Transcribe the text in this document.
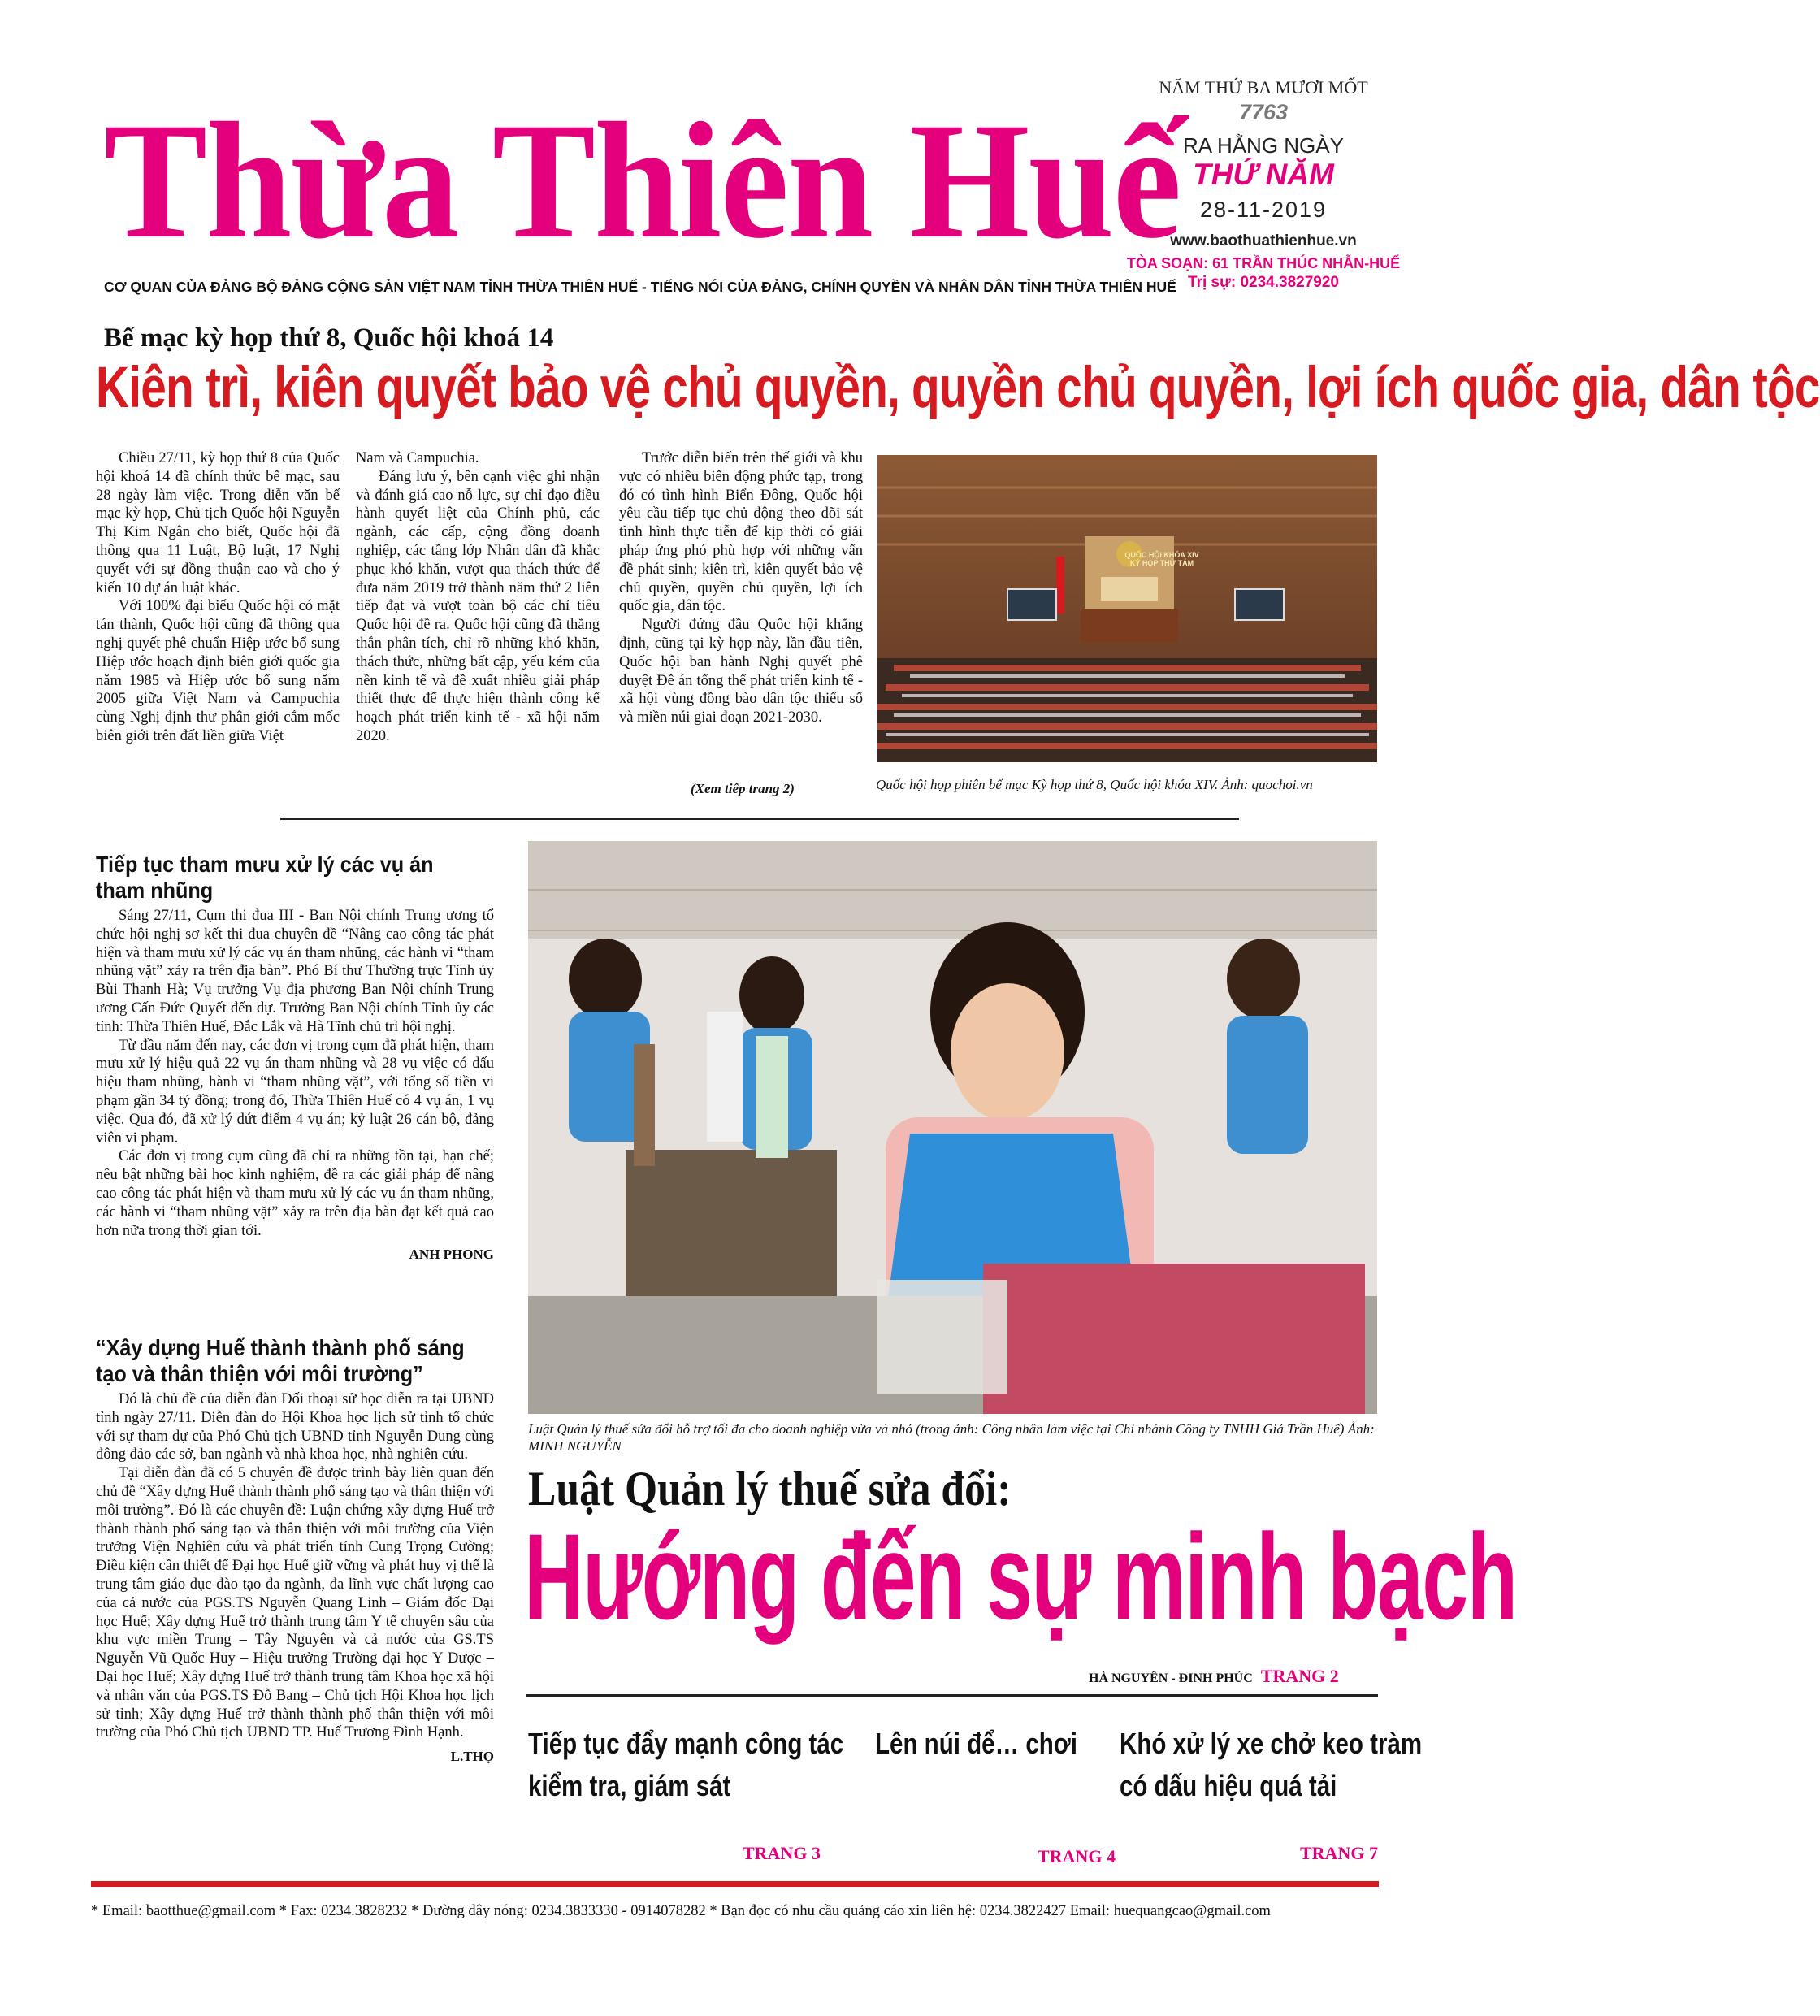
Thừa Thiên Huế
NĂM THỨ BA MƯƠI MỐT
7763
RA HẰNG NGÀY
THỨ NĂM
28-11-2019
www.baothuathienhue.vn
TÒA SOẠN: 61 TRẦN THÚC NHẪN-HUẾ
Trị sự: 0234.3827920
CƠ QUAN CỦA ĐẢNG BỘ ĐẢNG CỘNG SẢN VIỆT NAM TỈNH THỪA THIÊN HUẾ - TIẾNG NÓI CỦA ĐẢNG, CHÍNH QUYỀN VÀ NHÂN DÂN TỈNH THỪA THIÊN HUẾ
Bế mạc kỳ họp thứ 8, Quốc hội khoá 14
Kiên trì, kiên quyết bảo vệ chủ quyền, quyền chủ quyền, lợi ích quốc gia, dân tộc

Chiều 27/11, kỳ họp thứ 8 của Quốc hội khoá 14 đã chính thức bế mạc, sau 28 ngày làm việc. Trong diễn văn bế mạc kỳ họp, Chủ tịch Quốc hội Nguyễn Thị Kim Ngân cho biết, Quốc hội đã thông qua 11 Luật, Bộ luật, 17 Nghị quyết với sự đồng thuận cao và cho ý kiến 10 dự án luật khác.

Với 100% đại biểu Quốc hội có mặt tán thành, Quốc hội cũng đã thông qua nghị quyết phê chuẩn Hiệp ước bổ sung Hiệp ước hoạch định biên giới quốc gia năm 1985 và Hiệp ước bổ sung năm 2005 giữa Việt Nam và Campuchia cùng Nghị định thư phân giới cắm mốc biên giới trên đất liền giữa Việt

Nam và Campuchia.

Đáng lưu ý, bên cạnh việc ghi nhận và đánh giá cao nỗ lực, sự chỉ đạo điều hành quyết liệt của Chính phủ, các ngành, các cấp, cộng đồng doanh nghiệp, các tầng lớp Nhân dân đã khắc phục khó khăn, vượt qua thách thức để đưa năm 2019 trở thành năm thứ 2 liên tiếp đạt và vượt toàn bộ các chỉ tiêu Quốc hội đề ra. Quốc hội cũng đã thẳng thắn phân tích, chỉ rõ những khó khăn, thách thức, những bất cập, yếu kém của nền kinh tế và đề xuất nhiều giải pháp thiết thực để thực hiện thành công kế hoạch phát triển kinh tế - xã hội năm 2020.

Trước diễn biến trên thế giới và khu vực có nhiều biến động phức tạp, trong đó có tình hình Biển Đông, Quốc hội yêu cầu tiếp tục chủ động theo dõi sát tình hình thực tiễn để kịp thời có giải pháp ứng phó phù hợp với những vấn đề phát sinh; kiên trì, kiên quyết bảo vệ chủ quyền, quyền chủ quyền, lợi ích quốc gia, dân tộc.

Người đứng đầu Quốc hội khẳng định, cũng tại kỳ họp này, lần đầu tiên, Quốc hội ban hành Nghị quyết phê duyệt Đề án tổng thể phát triển kinh tế - xã hội vùng đồng bào dân tộc thiểu số và miền núi giai đoạn 2021-2030.

(Xem tiếp trang 2)
QUỐC HỘI KHÓA XIV KỲ HỌP THỨ TÁM
Quốc hội họp phiên bế mạc Kỳ họp thứ 8, Quốc hội khóa XIV. Ảnh: quochoi.vn
Tiếp tục tham mưu xử lý các vụ án tham nhũng

Sáng 27/11, Cụm thi đua III - Ban Nội chính Trung ương tổ chức hội nghị sơ kết thi đua chuyên đề “Nâng cao công tác phát hiện và tham mưu xử lý các vụ án tham nhũng, các hành vi “tham nhũng vặt” xảy ra trên địa bàn”. Phó Bí thư Thường trực Tỉnh ủy Bùi Thanh Hà; Vụ trưởng Vụ địa phương Ban Nội chính Trung ương Cấn Đức Quyết đến dự. Trưởng Ban Nội chính Tỉnh ủy các tỉnh: Thừa Thiên Huế, Đắc Lắk và Hà Tĩnh chủ trì hội nghị.

Từ đầu năm đến nay, các đơn vị trong cụm đã phát hiện, tham mưu xử lý hiệu quả 22 vụ án tham nhũng và 28 vụ việc có dấu hiệu tham nhũng, hành vi “tham nhũng vặt”, với tổng số tiền vi phạm gần 34 tỷ đồng; trong đó, Thừa Thiên Huế có 4 vụ án, 1 vụ việc. Qua đó, đã xử lý dứt điểm 4 vụ án; kỷ luật 26 cán bộ, đảng viên vi phạm.

Các đơn vị trong cụm cũng đã chỉ ra những tồn tại, hạn chế; nêu bật những bài học kinh nghiệm, đề ra các giải pháp để nâng cao công tác phát hiện và tham mưu xử lý các vụ án tham nhũng, các hành vi “tham nhũng vặt” xảy ra trên địa bàn đạt kết quả cao hơn nữa trong thời gian tới.

ANH PHONG
“Xây dựng Huế thành thành phố sáng tạo và thân thiện với môi trường”

Đó là chủ đề của diễn đàn Đối thoại sử học diễn ra tại UBND tỉnh ngày 27/11. Diễn đàn do Hội Khoa học lịch sử tỉnh tổ chức với sự tham dự của Phó Chủ tịch UBND tỉnh Nguyễn Dung cùng đông đảo các sở, ban ngành và nhà khoa học, nhà nghiên cứu.

Tại diễn đàn đã có 5 chuyên đề được trình bày liên quan đến chủ đề “Xây dựng Huế thành thành phố sáng tạo và thân thiện với môi trường”. Đó là các chuyên đề: Luận chứng xây dựng Huế trở thành thành phố sáng tạo và thân thiện với môi trường của Viện trưởng Viện Nghiên cứu và phát triển tỉnh Cung Trọng Cường; Điều kiện cần thiết để Đại học Huế giữ vững và phát huy vị thế là trung tâm giáo dục đào tạo đa ngành, đa lĩnh vực chất lượng cao của cả nước của PGS.TS Nguyễn Quang Linh – Giám đốc Đại học Huế; Xây dựng Huế trở thành trung tâm Y tế chuyên sâu của khu vực miền Trung – Tây Nguyên và cả nước của GS.TS Nguyễn Vũ Quốc Huy – Hiệu trưởng Trường đại học Y Dược – Đại học Huế; Xây dựng Huế trở thành trung tâm Khoa học xã hội và nhân văn của PGS.TS Đỗ Bang – Chủ tịch Hội Khoa học lịch sử tỉnh; Xây dựng Huế trở thành thành phố thân thiện với môi trường của Phó Chủ tịch UBND TP. Huế Trương Đình Hạnh.

L.THỌ
Luật Quản lý thuế sửa đổi hỗ trợ tối đa cho doanh nghiệp vừa và nhỏ (trong ảnh: Công nhân làm việc tại Chi nhánh Công ty TNHH Giả Trần Huế) Ảnh: MINH NGUYỄN
Luật Quản lý thuế sửa đổi:
Hướng đến sự minh bạch
HÀ NGUYÊN - ĐINH PHÚC TRANG 2
Tiếp tục đẩy mạnh công tác
kiểm tra, giám sát
TRANG 3
Lên núi để… chơi
TRANG 4
Khó xử lý xe chở keo tràm
có dấu hiệu quá tải
TRANG 7
* Email: baotthue@gmail.com * Fax: 0234.3828232 * Đường dây nóng: 0234.3833330 - 0914078282 * Bạn đọc có nhu cầu quảng cáo xin liên hệ: 0234.3822427 Email: huequangcao@gmail.com
